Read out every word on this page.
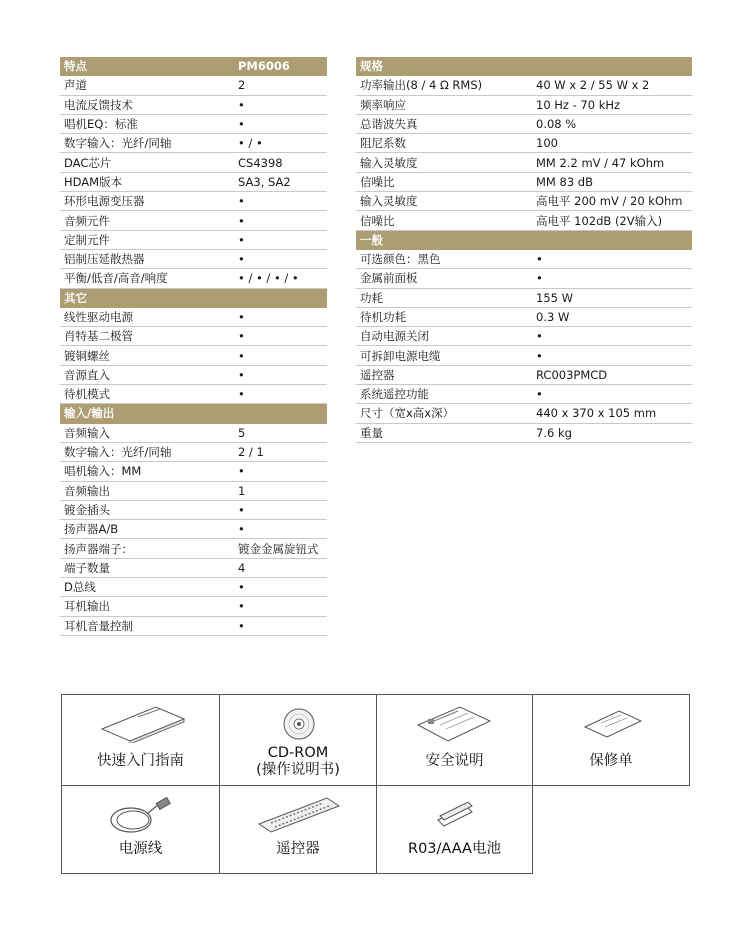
特点	PM6006
声道	2
电流反馈技术	•
唱机EQ：标准	•
数字输入：光纤/同轴	• / •
DAC芯片	CS4398
HDAM版本	SA3, SA2
环形电源变压器	•
音频元件	•
定制元件	•
铝制压延散热器	•
平衡/低音/高音/响度	• / • / • / •
其它	
线性驱动电源	•
肖特基二极管	•
镀铜螺丝	•
音源直入	•
待机模式	•
输入/输出	
音频输入	5
数字输入：光纤/同轴	2 / 1
唱机输入：MM	•
音频输出	1
镀金插头	•
扬声器A/B	•
扬声器端子：	镀金金属旋钮式
端子数量	4
D总线	•
耳机输出	•
耳机音量控制	•
规格	
功率输出(8 / 4 Ω RMS)	40 W x 2 / 55 W x 2
频率响应	10 Hz - 70 kHz
总谐波失真	0.08 %
阻尼系数	100
输入灵敏度	MM 2.2 mV / 47 kOhm
信噪比	MM 83 dB
输入灵敏度	高电平 200 mV / 20 kOhm
信噪比	高电平 102dB (2V输入)
一般	
可选颜色：黑色	•
金属前面板	•
功耗	155 W
待机功耗	0.3 W
自动电源关闭	•
可拆卸电源电缆	•
遥控器	RC003PMCD
系统遥控功能	•
尺寸（宽x高x深）	440 x 370 x 105 mm
重量	7.6 kg
快速入门指南	CD-ROM
(操作说明书)
安全说明	保修单
电源线	遥控器	R03/AAA电池
